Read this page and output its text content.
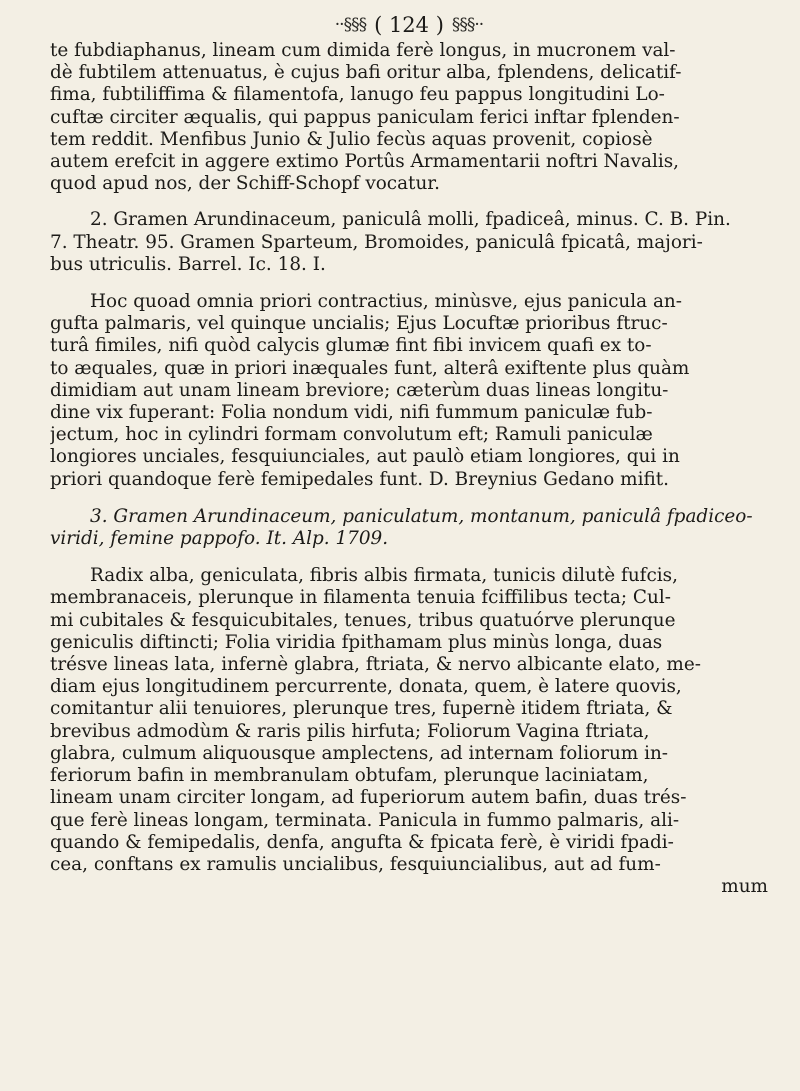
··§§§ ( 124 ) §§§··
te fubdiaphanus, lineam cum dimida ferè longus, in mucronem val-
dè fubtilem attenuatus, è cujus bafi oritur alba, fplendens, delicatif-
fima, fubtiliffima & filamentofa, lanugo feu pappus longitudini Lo-
cuftæ circiter æqualis, qui pappus paniculam ferici inftar fplenden-
tem reddit. Menfibus Junio & Julio fecùs aquas provenit, copiosè
autem erefcit in aggere extimo Portûs Armamentarii noftri Navalis,
quod apud nos, der Schiff-Schopf vocatur.
2. Gramen Arundinaceum, paniculâ molli, fpadiceâ, minus. C. B. Pin.
7. Theatr. 95. Gramen Sparteum, Bromoides, paniculâ fpicatâ, majori-
bus utriculis. Barrel. Ic. 18. I.
Hoc quoad omnia priori contractius, minùsve, ejus panicula an-
gufta palmaris, vel quinque uncialis; Ejus Locuftæ prioribus ftruc-
turâ fimiles, nifi quòd calycis glumæ fint fibi invicem quafi ex to-
to æquales, quæ in priori inæquales funt, alterâ exiftente plus quàm
dimidiam aut unam lineam breviore; cæterùm duas lineas longitu-
dine vix fuperant: Folia nondum vidi, nifi fummum paniculæ fub-
jectum, hoc in cylindri formam convolutum eft; Ramuli paniculæ
longiores unciales, fesquiunciales, aut paulò etiam longiores, qui in
priori quandoque ferè femipedales funt. D. Breynius Gedano mifit.
3. Gramen Arundinaceum, paniculatum, montanum, paniculâ fpadiceo-
viridi, femine pappofo. It. Alp. 1709.
Radix alba, geniculata, fibris albis firmata, tunicis dilutè fufcis,
membranaceis, plerunque in filamenta tenuia fciffilibus tecta; Cul-
mi cubitales & fesquicubitales, tenues, tribus quatuórve plerunque
geniculis diftincti; Folia viridia fpithamam plus minùs longa, duas
trésve lineas lata, infernè glabra, ftriata, & nervo albicante elato, me-
diam ejus longitudinem percurrente, donata, quem, è latere quovis,
comitantur alii tenuiores, plerunque tres, fupernè itidem ftriata, &
brevibus admodùm & raris pilis hirfuta; Foliorum Vagina ftriata,
glabra, culmum aliquousque amplectens, ad internam foliorum in-
feriorum bafin in membranulam obtufam, plerunque laciniatam,
lineam unam circiter longam, ad fuperiorum autem bafin, duas trés-
que ferè lineas longam, terminata. Panicula in fummo palmaris, ali-
quando & femipedalis, denfa, angufta & fpicata ferè, è viridi fpadi-
cea, conftans ex ramulis uncialibus, fesquiuncialibus, aut ad fum-
mum
